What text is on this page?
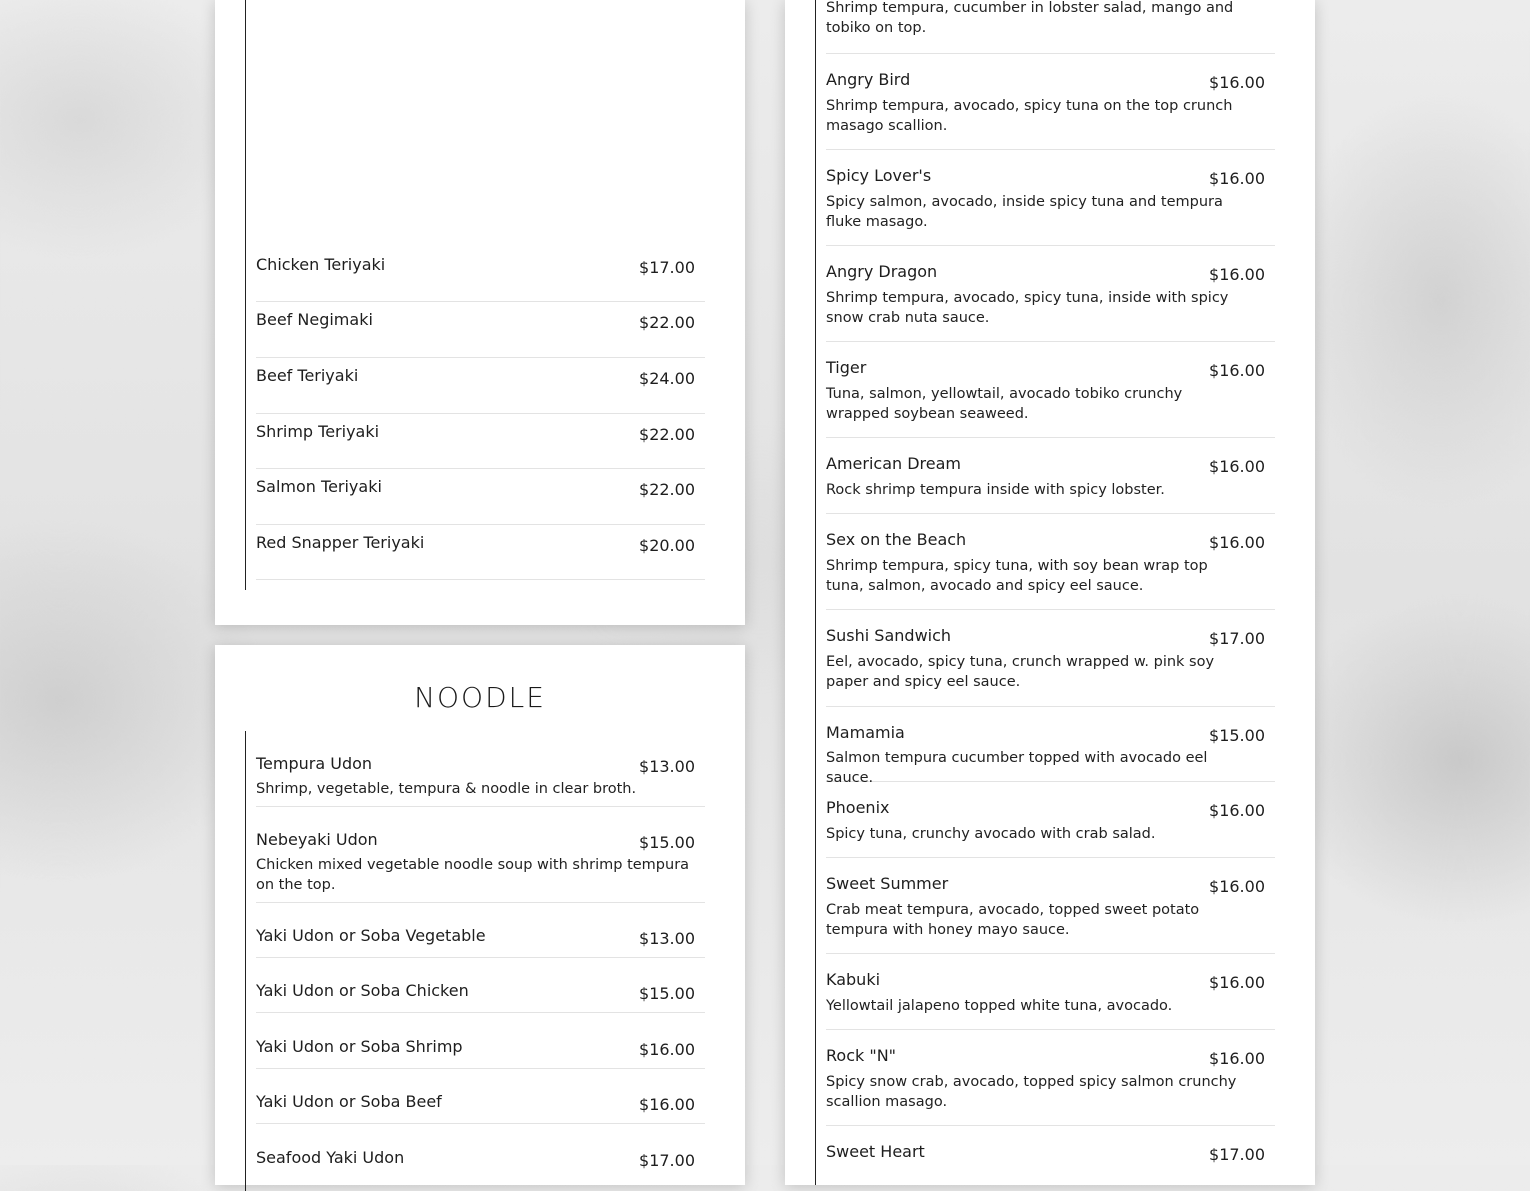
Chicken Teriyaki	$17.00
Beef Negimaki	$22.00
Beef Teriyaki	$24.00
Shrimp Teriyaki	$22.00
Salmon Teriyaki	$22.00
Red Snapper Teriyaki	$20.00
NOODLE
Tempura Udon	$13.00
Shrimp, vegetable, tempura & noodle in clear broth.
Nebeyaki Udon	$15.00
Chicken mixed vegetable noodle soup with shrimp tempura on the top.
Yaki Udon or Soba Vegetable	$13.00
Yaki Udon or Soba Chicken	$15.00
Yaki Udon or Soba Shrimp	$16.00
Yaki Udon or Soba Beef	$16.00
Seafood Yaki Udon	$17.00
Shrimp tempura, cucumber in lobster salad, mango and tobiko on top.
Angry Bird	$16.00
Shrimp tempura, avocado, spicy tuna on the top crunch masago scallion.
Spicy Lover's	$16.00
Spicy salmon, avocado, inside spicy tuna and tempura fluke masago.
Angry Dragon	$16.00
Shrimp tempura, avocado, spicy tuna, inside with spicy snow crab nuta sauce.
Tiger	$16.00
Tuna, salmon, yellowtail, avocado tobiko crunchy wrapped soybean seaweed.
American Dream	$16.00
Rock shrimp tempura inside with spicy lobster.
Sex on the Beach	$16.00
Shrimp tempura, spicy tuna, with soy bean wrap top tuna, salmon, avocado and spicy eel sauce.
Sushi Sandwich	$17.00
Eel, avocado, spicy tuna, crunch wrapped w. pink soy paper and spicy eel sauce.
Mamamia	$15.00
Salmon tempura cucumber topped with avocado eel sauce.
Phoenix	$16.00
Spicy tuna, crunchy avocado with crab salad.
Sweet Summer	$16.00
Crab meat tempura, avocado, topped sweet potato tempura with honey mayo sauce.
Kabuki	$16.00
Yellowtail jalapeno topped white tuna, avocado.
Rock "N"	$16.00
Spicy snow crab, avocado, topped spicy salmon crunchy scallion masago.
Sweet Heart	$17.00
